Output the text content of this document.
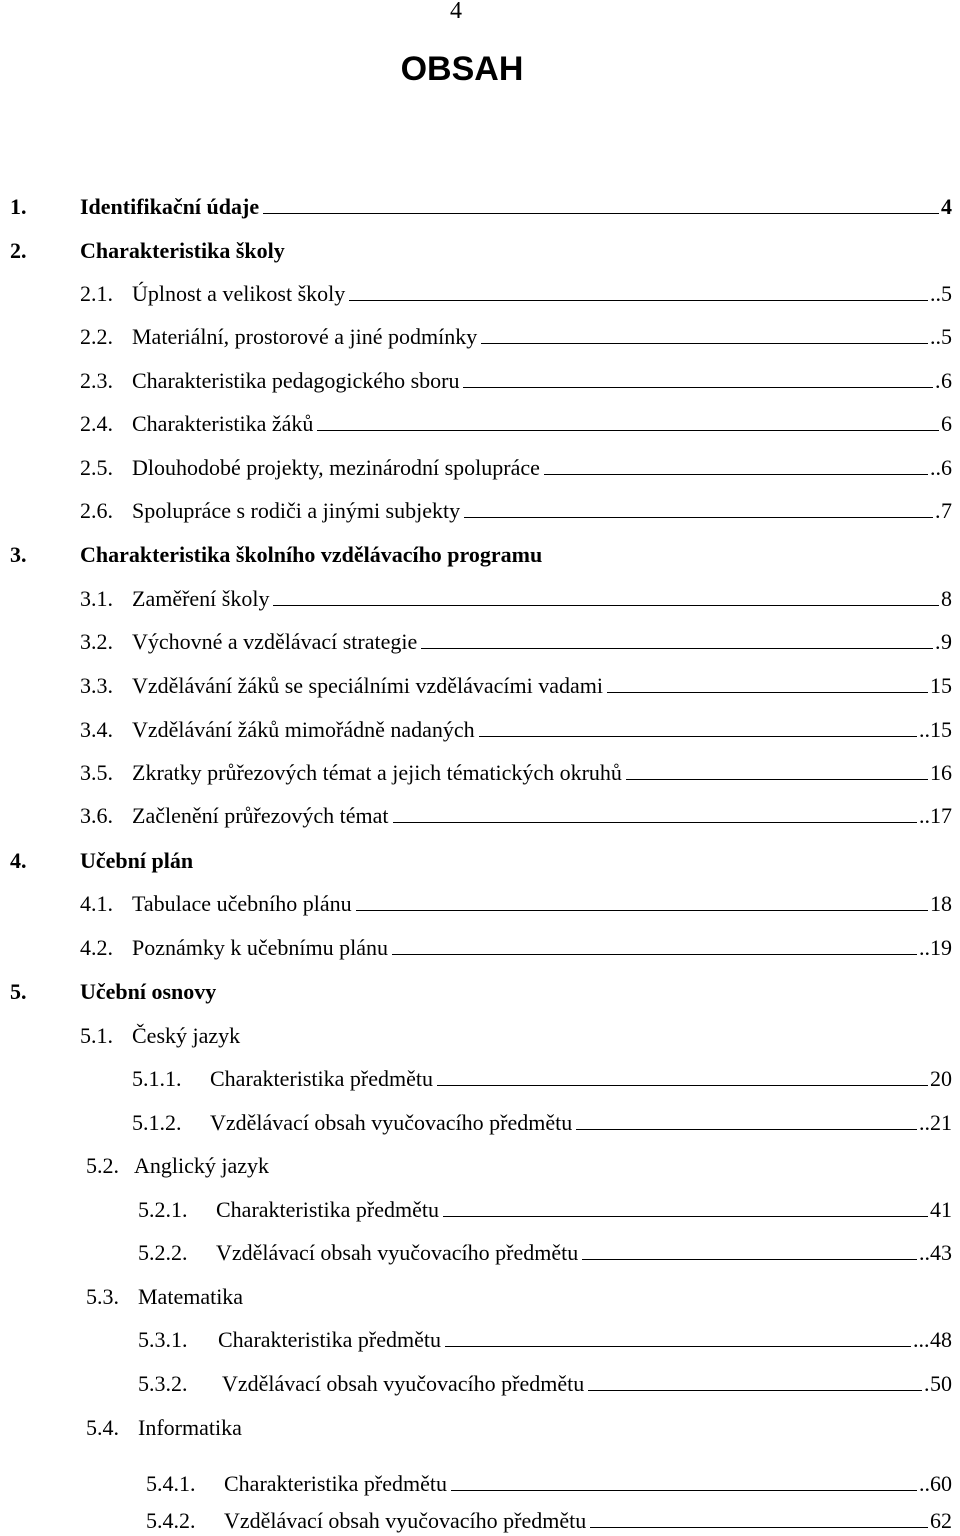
4
OBSAH
1. Identifikační údaje	4
2. Charakteristika školy
2.1. Úplnost a velikost školy	5
..
2.2. Materiální, prostorové a jiné podmínky	5
..
2.3. Charakteristika pedagogického sboru	6
.
2.4. Charakteristika žáků	6
2.5. Dlouhodobé projekty, mezinárodní spolupráce	6
..
2.6. Spolupráce s rodiči a jinými subjekty	7
.
3. Charakteristika školního vzdělávacího programu
3.1. Zaměření školy	8
3.2. Výchovné a vzdělávací strategie	9
.
3.3. Vzdělávání žáků se speciálními vzdělávacími vadami	15
3.4. Vzdělávání žáků mimořádně nadaných	15
..
3.5. Zkratky průřezových témat a jejich tématických okruhů	16
3.6. Začlenění průřezových témat	17
..
4. Učební plán
4.1. Tabulace učebního plánu	18
4.2. Poznámky k učebnímu plánu	19
..
5. Učební osnovy
5.1. Český jazyk
5.1.1. Charakteristika předmětu	20
5.1.2. Vzdělávací obsah vyučovacího předmětu	21
..
5.2. Anglický jazyk
5.2.1. Charakteristika předmětu	41
5.2.2. Vzdělávací obsah vyučovacího předmětu	43
..
5.3. Matematika
5.3.1. Charakteristika předmětu	48
...
5.3.2. Vzdělávací obsah vyučovacího předmětu	50
.
5.4. Informatika
5.4.1. Charakteristika předmětu	60
..
5.4.2. Vzdělávací obsah vyučovacího předmětu	62
